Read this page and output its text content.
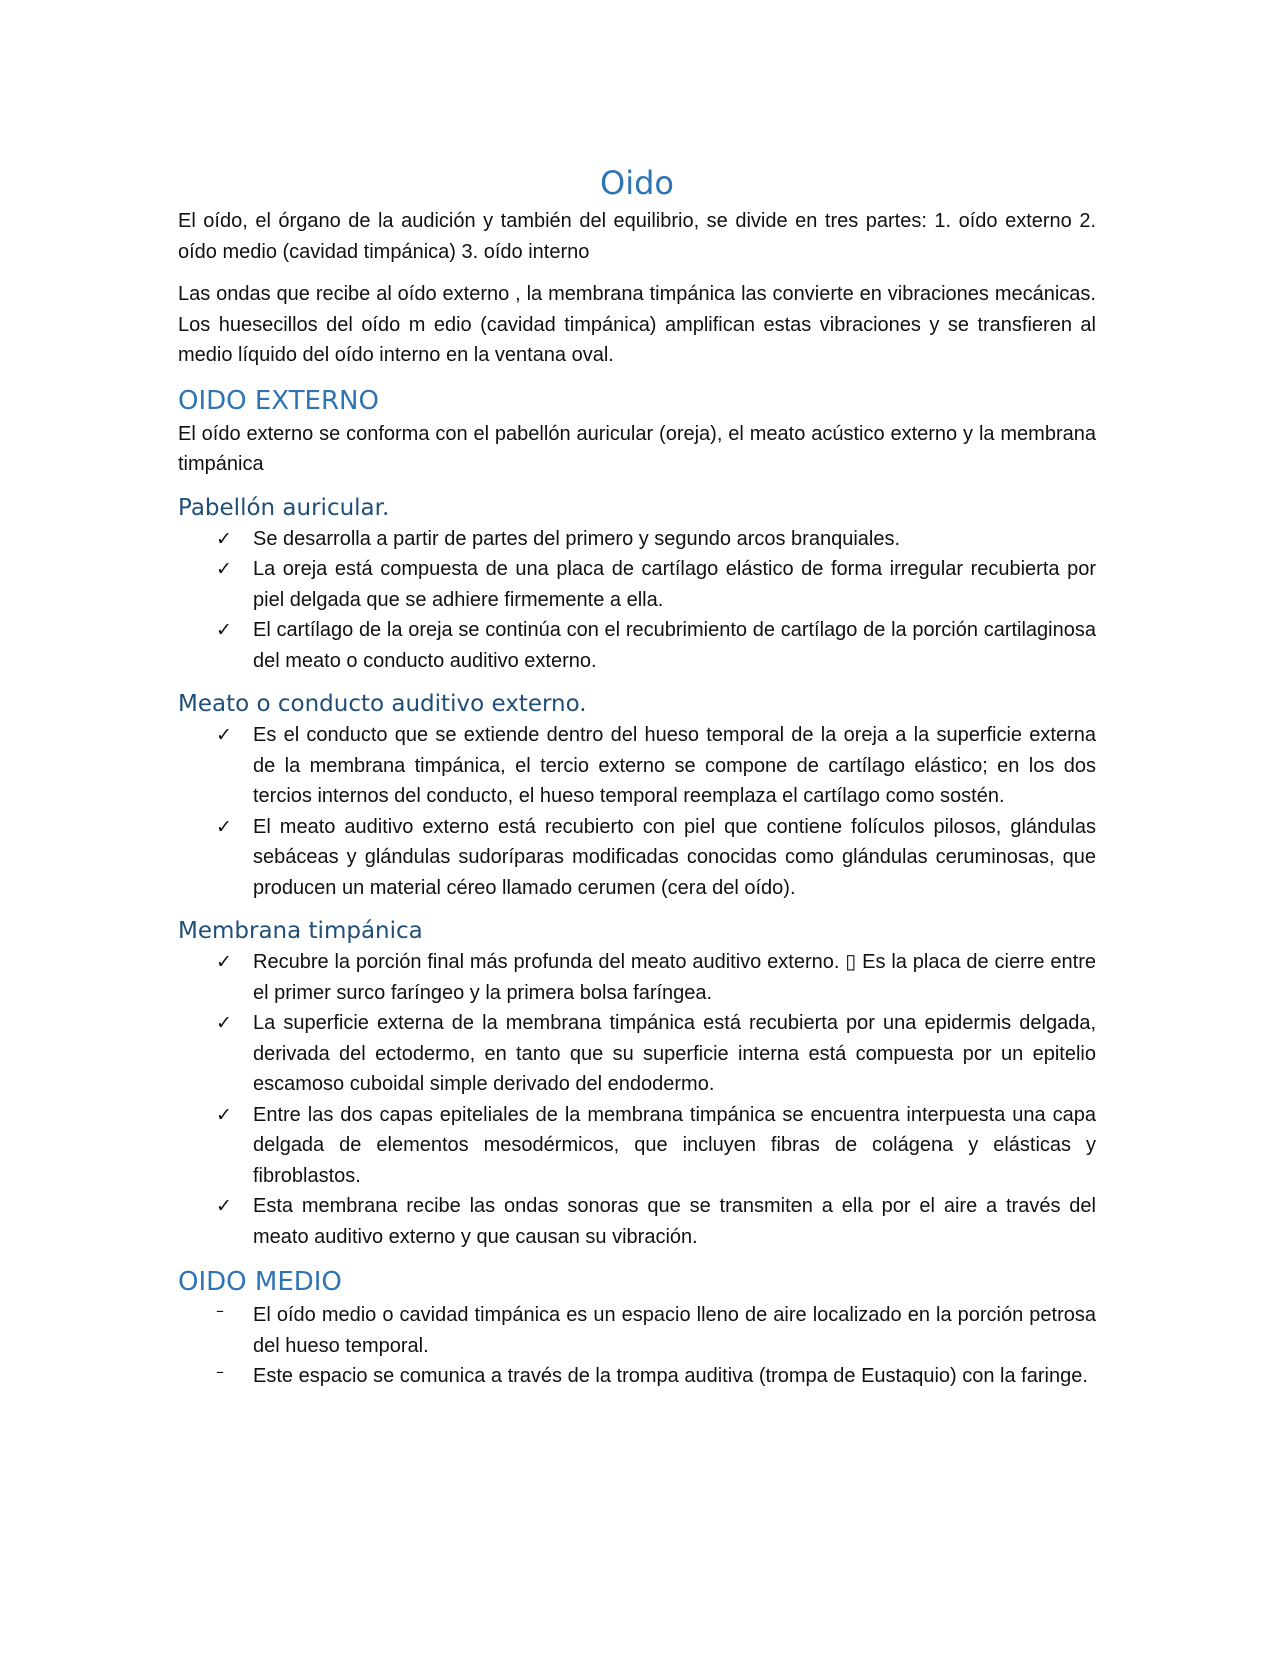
Oido

El oído, el órgano de la audición y también del equilibrio, se divide en tres partes: 1. oído externo 2. oído medio (cavidad timpánica) 3. oído interno

Las ondas que recibe al oído externo , la membrana timpánica las convierte en vibraciones mecánicas. Los huesecillos del oído m edio (cavidad timpánica) amplifican estas vibraciones y se transfieren al medio líquido del oído interno en la ventana oval.

OIDO EXTERNO

El oído externo se conforma con el pabellón auricular (oreja), el meato acústico externo y la membrana timpánica

Pabellón auricular.
✓ Se desarrolla a partir de partes del primero y segundo arcos branquiales.
✓ La oreja está compuesta de una placa de cartílago elástico de forma irregular recubierta por piel delgada que se adhiere firmemente a ella.
✓ El cartílago de la oreja se continúa con el recubrimiento de cartílago de la porción cartilaginosa del meato o conducto auditivo externo.
Meato o conducto auditivo externo.
✓ Es el conducto que se extiende dentro del hueso temporal de la oreja a la superficie externa de la membrana timpánica, el tercio externo se compone de cartílago elástico; en los dos tercios internos del conducto, el hueso temporal reemplaza el cartílago como sostén.
✓ El meato auditivo externo está recubierto con piel que contiene folículos pilosos, glándulas sebáceas y glándulas sudoríparas modificadas conocidas como glándulas ceruminosas, que producen un material céreo llamado cerumen (cera del oído).
Membrana timpánica
✓ Recubre la porción final más profunda del meato auditivo externo. ▯ Es la placa de cierre entre el primer surco faríngeo y la primera bolsa faríngea.
✓ La superficie externa de la membrana timpánica está recubierta por una epidermis delgada, derivada del ectodermo, en tanto que su superficie interna está compuesta por un epitelio escamoso cuboidal simple derivado del endodermo.
✓ Entre las dos capas epiteliales de la membrana timpánica se encuentra interpuesta una capa delgada de elementos mesodérmicos, que incluyen fibras de colágena y elásticas y fibroblastos.
✓ Esta membrana recibe las ondas sonoras que se transmiten a ella por el aire a través del meato auditivo externo y que causan su vibración.
OIDO MEDIO
– El oído medio o cavidad timpánica es un espacio lleno de aire localizado en la porción petrosa del hueso temporal.
– Este espacio se comunica a través de la trompa auditiva (trompa de Eustaquio) con la faringe.
